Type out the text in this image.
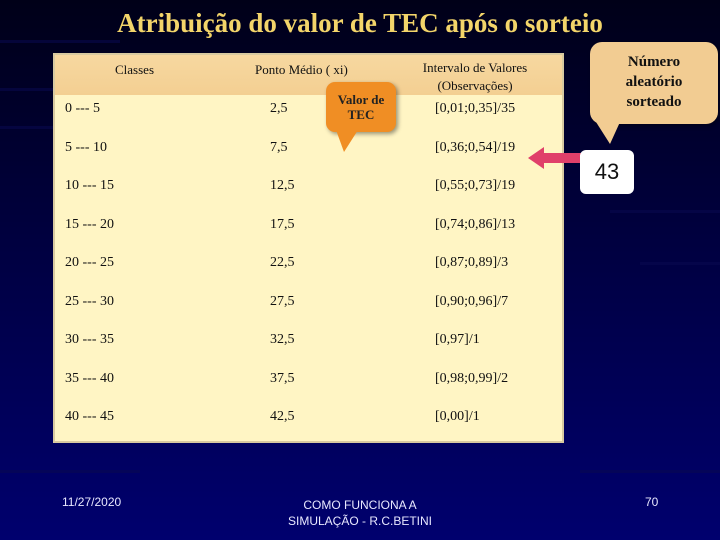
Atribuição do valor de TEC após o sorteio
Classes	Ponto Médio ( xi)	Intervalo de Valores
(Observações)
0 --- 5	2,5	[0,01;0,35]/35
5 --- 10	7,5	[0,36;0,54]/19
10 --- 15	12,5	[0,55;0,73]/19
15 --- 20	17,5	[0,74;0,86]/13
20 --- 25	22,5	[0,87;0,89]/3
25 --- 30	27,5	[0,90;0,96]/7
30 --- 35	32,5	[0,97]/1
35 --- 40	37,5	[0,98;0,99]/2
40 --- 45	42,5	[0,00]/1
Valor de
TEC
Número
aleatório
sorteado
43
11/27/2020	COMO FUNCIONA A
SIMULAÇÃO - R.C.BETINI
70
